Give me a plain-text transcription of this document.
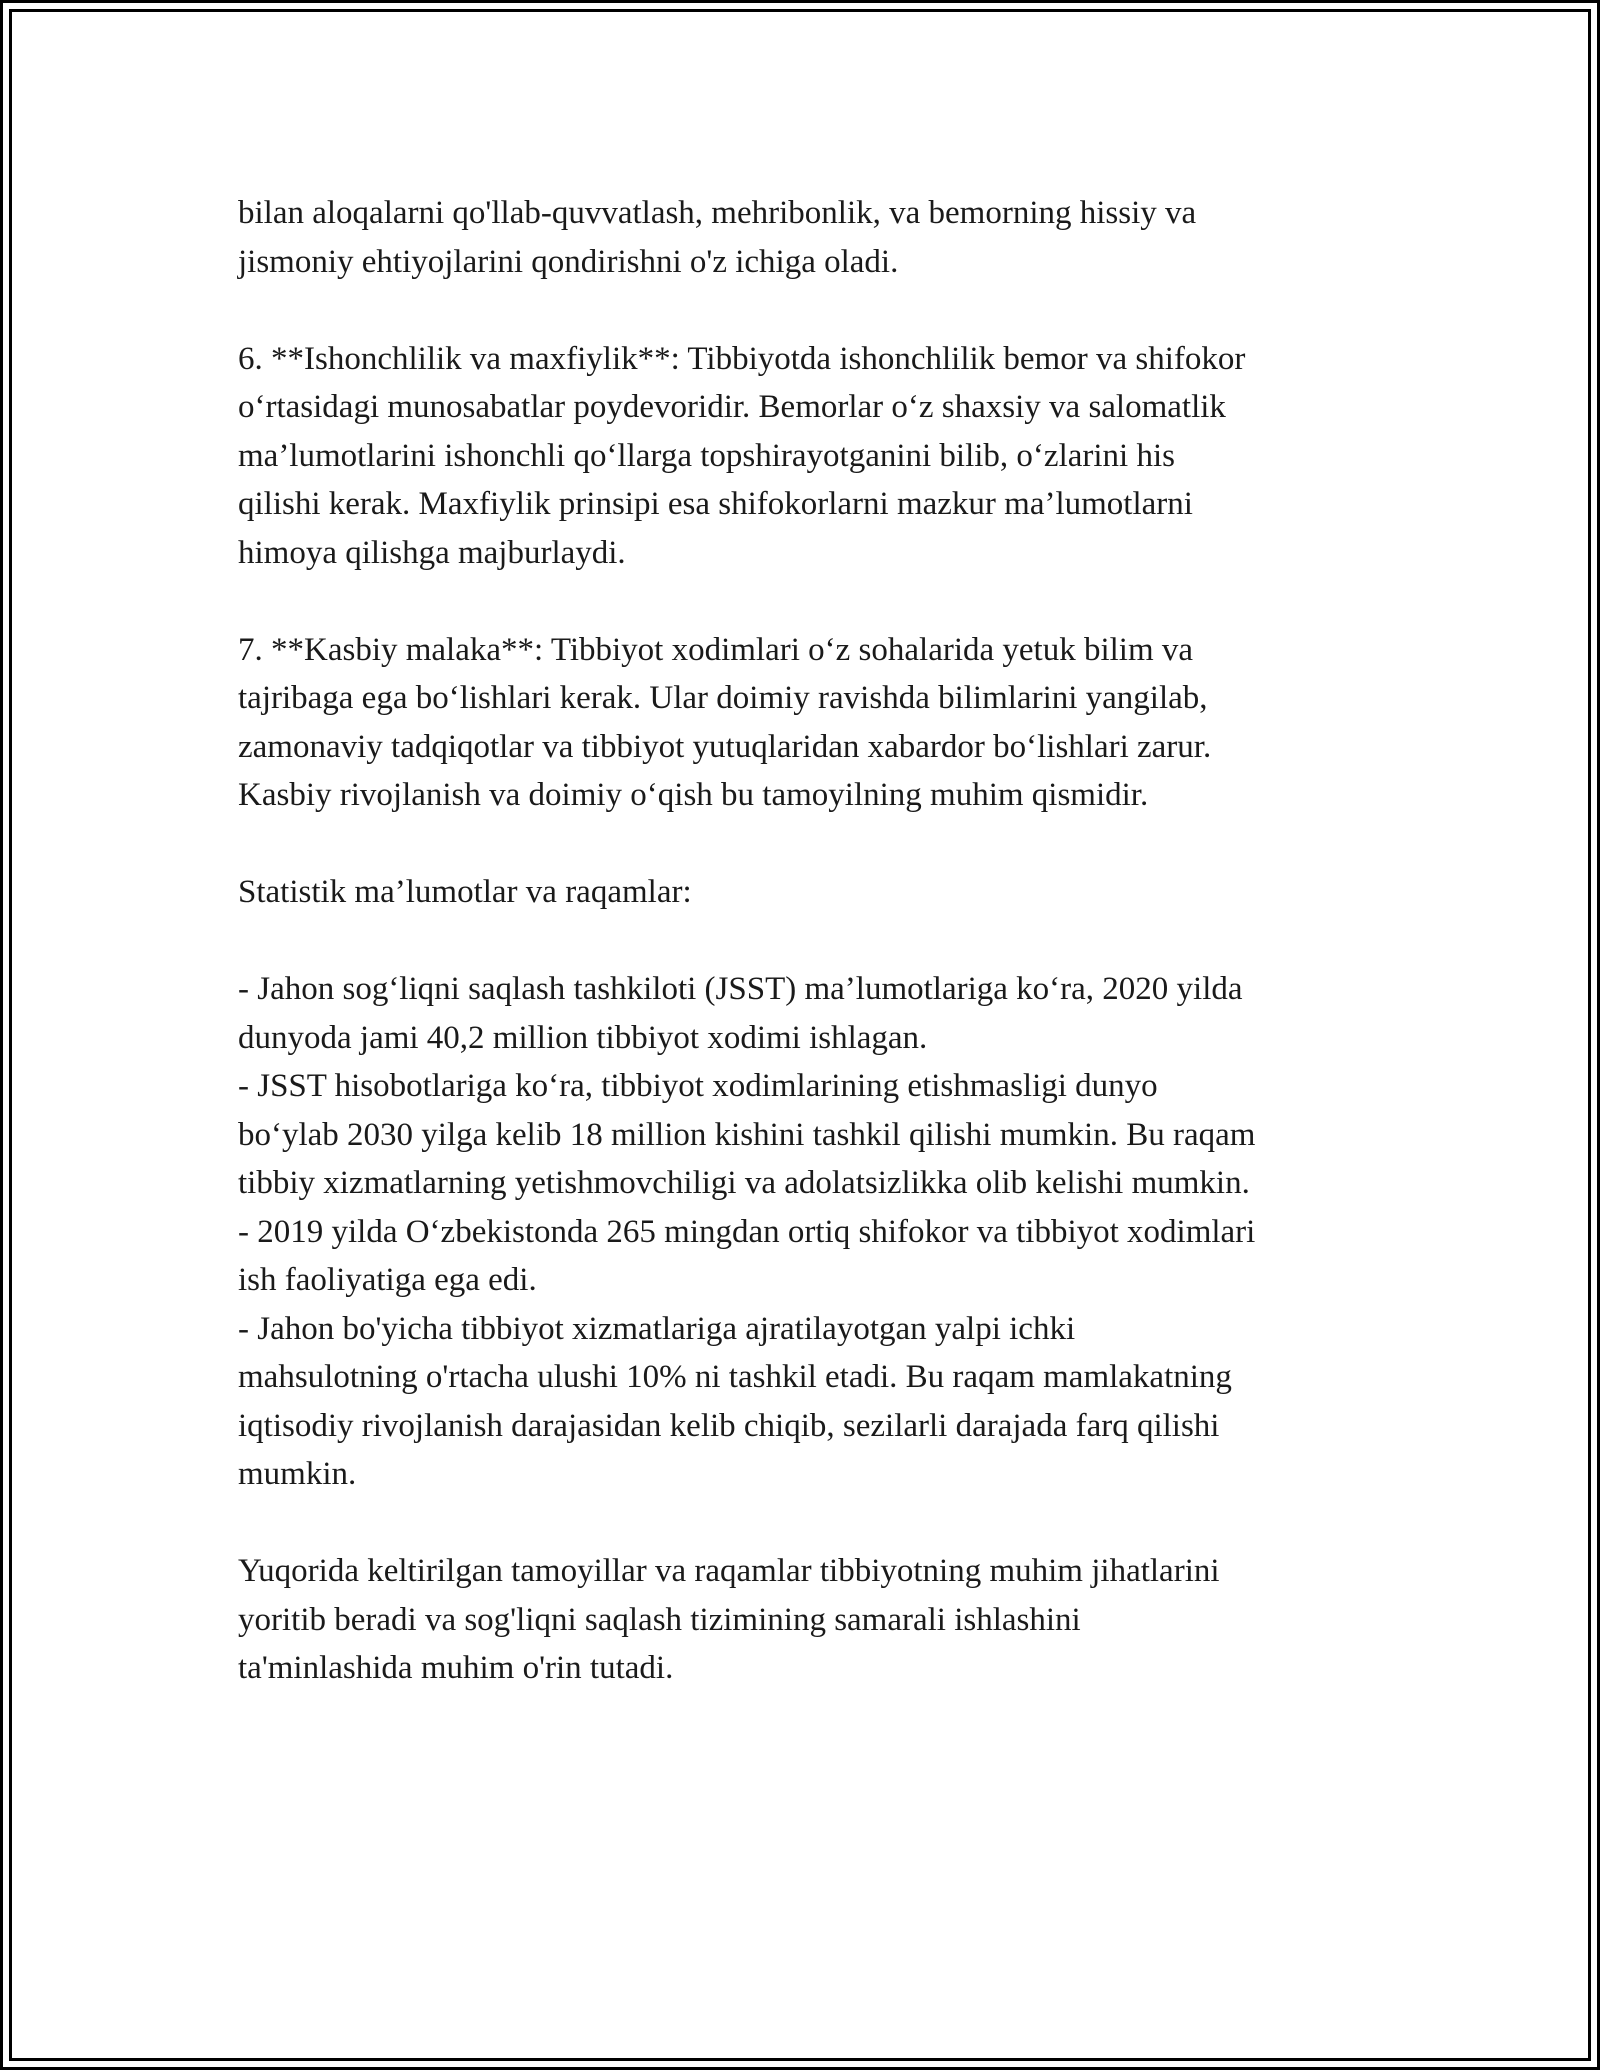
bilan aloqalarni qo'llab-quvvatlash, mehribonlik, va bemorning hissiy va
jismoniy ehtiyojlarini qondirishni o'z ichiga oladi.

6. **Ishonchlilik va maxfiylik**: Tibbiyotda ishonchlilik bemor va shifokor
o‘rtasidagi munosabatlar poydevoridir. Bemorlar o‘z shaxsiy va salomatlik
ma’lumotlarini ishonchli qo‘llarga topshirayotganini bilib, o‘zlarini his
qilishi kerak. Maxfiylik prinsipi esa shifokorlarni mazkur ma’lumotlarni
himoya qilishga majburlaydi.

7. **Kasbiy malaka**: Tibbiyot xodimlari o‘z sohalarida yetuk bilim va
tajribaga ega bo‘lishlari kerak. Ular doimiy ravishda bilimlarini yangilab,
zamonaviy tadqiqotlar va tibbiyot yutuqlaridan xabardor bo‘lishlari zarur.
Kasbiy rivojlanish va doimiy o‘qish bu tamoyilning muhim qismidir.

Statistik ma’lumotlar va raqamlar:

- Jahon sog‘liqni saqlash tashkiloti (JSST) ma’lumotlariga ko‘ra, 2020 yilda
dunyoda jami 40,2 million tibbiyot xodimi ishlagan.
- JSST hisobotlariga ko‘ra, tibbiyot xodimlarining etishmasligi dunyo
bo‘ylab 2030 yilga kelib 18 million kishini tashkil qilishi mumkin. Bu raqam
tibbiy xizmatlarning yetishmovchiligi va adolatsizlikka olib kelishi mumkin.
- 2019 yilda O‘zbekistonda 265 mingdan ortiq shifokor va tibbiyot xodimlari
ish faoliyatiga ega edi.
- Jahon bo'yicha tibbiyot xizmatlariga ajratilayotgan yalpi ichki
mahsulotning o'rtacha ulushi 10% ni tashkil etadi. Bu raqam mamlakatning
iqtisodiy rivojlanish darajasidan kelib chiqib, sezilarli darajada farq qilishi
mumkin.

Yuqorida keltirilgan tamoyillar va raqamlar tibbiyotning muhim jihatlarini
yoritib beradi va sog'liqni saqlash tizimining samarali ishlashini
ta'minlashida muhim o'rin tutadi.
